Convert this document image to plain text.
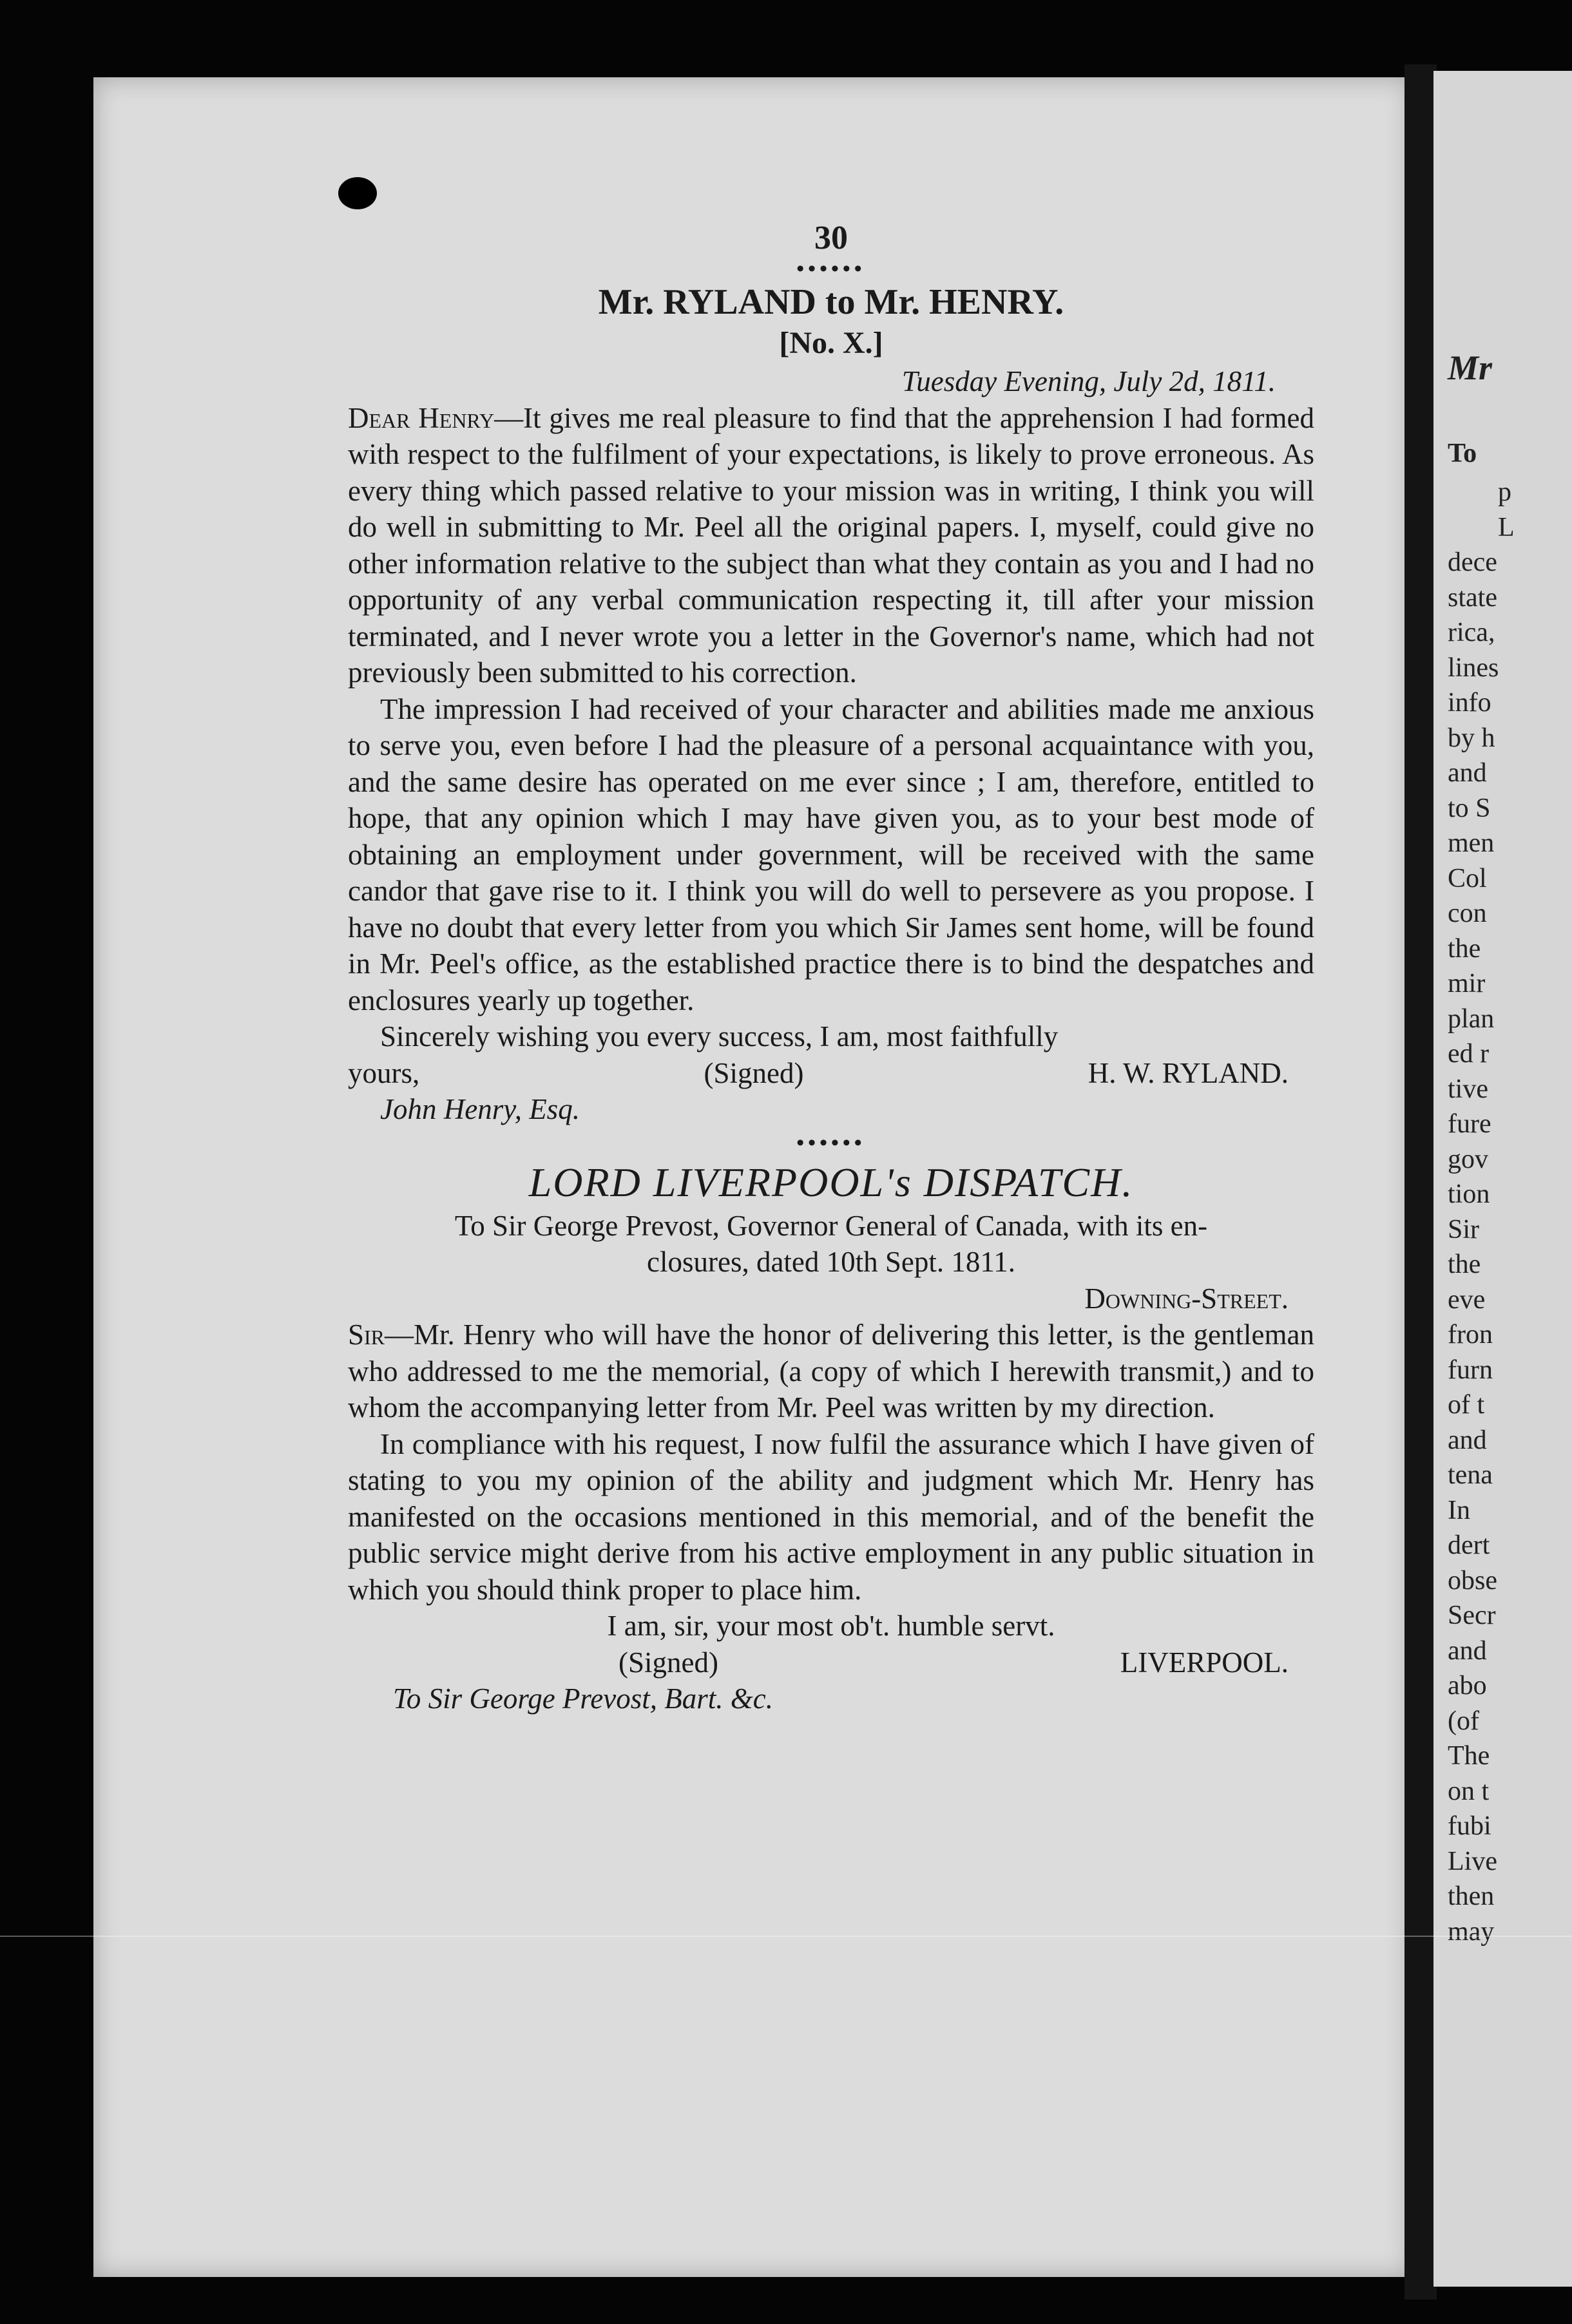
Mr
To
p
L
dece
state
rica,
lines
info
by h
and
to S
men
Col
con
the
mir
plan
ed r
tive
fure
gov
tion
Sir
the
eve
fron
furn
of t
and
tena
In
dert
obse
Secr
and
abo
(of
The
on t
fubi
Live
then
may
30
••••••
Mr. RYLAND to Mr. HENRY.
[No. X.]
Tuesday Evening, July 2d, 1811.

Dear Henry—It gives me real pleasure to find that the apprehension I had formed with respect to the fulfilment of your expectations, is likely to prove erroneous. As every thing which passed relative to your mission was in writing, I think you will do well in submitting to Mr. Peel all the original papers. I, myself, could give no other information relative to the subject than what they contain as you and I had no opportunity of any verbal communication respecting it, till after your mission terminated, and I never wrote you a letter in the Governor's name, which had not previously been submitted to his correction.

The impression I had received of your character and abilities made me anxious to serve you, even before I had the pleasure of a personal acquaintance with you, and the same desire has operated on me ever since ; I am, therefore, entitled to hope, that any opinion which I may have given you, as to your best mode of obtaining an employment under government, will be received with the same candor that gave rise to it. I think you will do well to persevere as you propose. I have no doubt that every letter from you which Sir James sent home, will be found in Mr. Peel's office, as the established practice there is to bind the despatches and enclosures yearly up together.

Sincerely wishing you every success, I am, most faithfully

yours,	(Signed)	H. W. RYLAND.
John Henry, Esq.
••••••
LORD LIVERPOOL's DISPATCH.
To Sir George Prevost, Governor General of Canada, with its en-
closures, dated 10th Sept. 1811.
Downing-Street.

Sir—Mr. Henry who will have the honor of delivering this letter, is the gentleman who addressed to me the memorial, (a copy of which I herewith transmit,) and to whom the accompanying letter from Mr. Peel was written by my direction.

In compliance with his request, I now fulfil the assurance which I have given of stating to you my opinion of the ability and judgment which Mr. Henry has manifested on the occasions mentioned in this memorial, and of the benefit the public service might derive from his active employment in any public situation in which you should think proper to place him.

I am, sir, your most ob't. humble servt.
(Signed)	LIVERPOOL.
To Sir George Prevost, Bart. &c.
